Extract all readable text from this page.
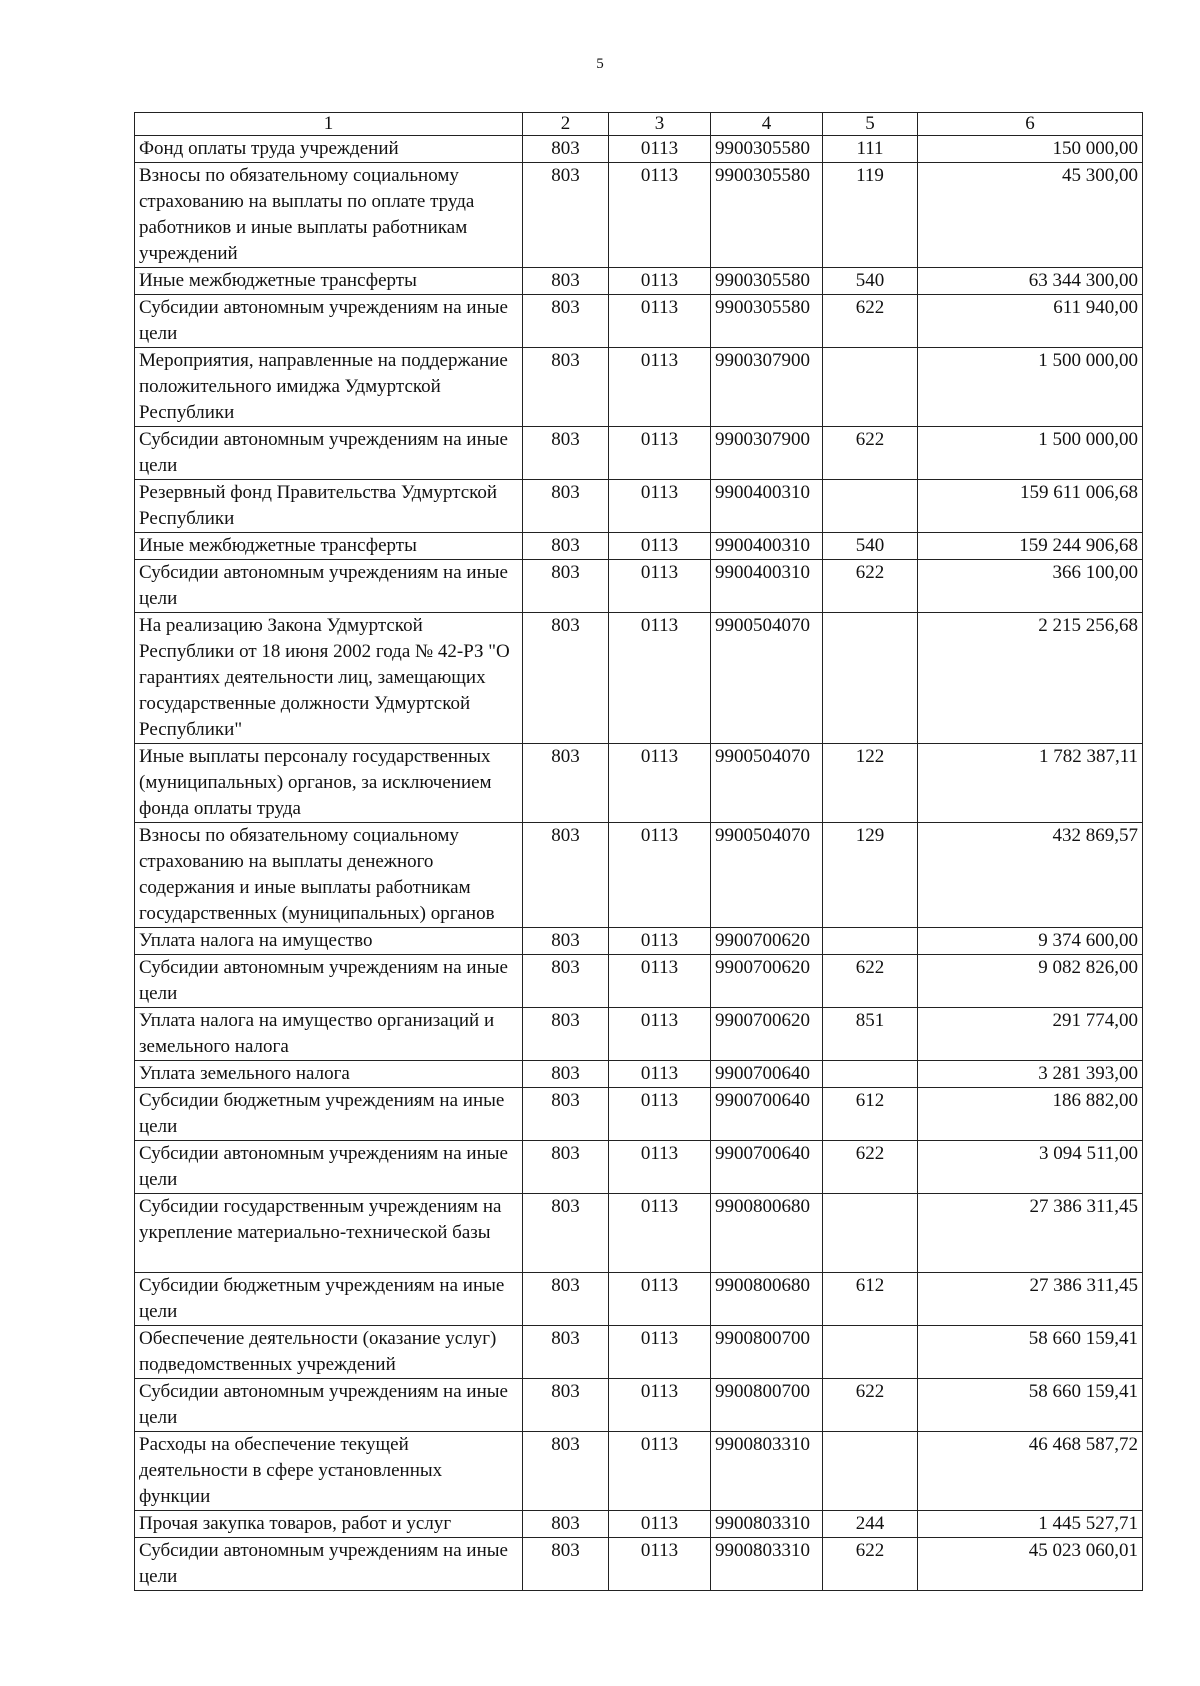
5
1	2	3	4	5	6
Фонд оплаты труда учреждений	803	0113	9900305580	111	150 000,00
Взносы по обязательному социальному страхованию на выплаты по оплате труда работников и иные выплаты работникам учреждений	803	0113	9900305580	119	45 300,00
Иные межбюджетные трансферты	803	0113	9900305580	540	63 344 300,00
Субсидии автономным учреждениям на иные цели	803	0113	9900305580	622	611 940,00
Мероприятия, направленные на поддержание положительного имиджа Удмуртской Республики	803	0113	9900307900		1 500 000,00
Субсидии автономным учреждениям на иные цели	803	0113	9900307900	622	1 500 000,00
Резервный фонд Правительства Удмуртской Республики	803	0113	9900400310		159 611 006,68
Иные межбюджетные трансферты	803	0113	9900400310	540	159 244 906,68
Субсидии автономным учреждениям на иные цели	803	0113	9900400310	622	366 100,00
На реализацию Закона Удмуртской Республики от 18 июня 2002 года № 42-РЗ "О гарантиях деятельности лиц, замещающих государственные должности Удмуртской Республики"	803	0113	9900504070		2 215 256,68
Иные выплаты персоналу государственных (муниципальных) органов, за исключением фонда оплаты труда	803	0113	9900504070	122	1 782 387,11
Взносы по обязательному социальному страхованию на выплаты денежного содержания и иные выплаты работникам государственных (муниципальных) органов	803	0113	9900504070	129	432 869,57
Уплата налога на имущество	803	0113	9900700620		9 374 600,00
Субсидии автономным учреждениям на иные цели	803	0113	9900700620	622	9 082 826,00
Уплата налога на имущество организаций и земельного налога	803	0113	9900700620	851	291 774,00
Уплата земельного налога	803	0113	9900700640		3 281 393,00
Субсидии бюджетным учреждениям на иные цели	803	0113	9900700640	612	186 882,00
Субсидии автономным учреждениям на иные цели	803	0113	9900700640	622	3 094 511,00
Субсидии государственным учреждениям на укрепление материально-технической базы	803	0113	9900800680		27 386 311,45
Субсидии бюджетным учреждениям на иные цели	803	0113	9900800680	612	27 386 311,45
Обеспечение деятельности (оказание услуг) подведомственных учреждений	803	0113	9900800700		58 660 159,41
Субсидии автономным учреждениям на иные цели	803	0113	9900800700	622	58 660 159,41
Расходы на обеспечение текущей деятельности в сфере установленных функции	803	0113	9900803310		46 468 587,72
Прочая закупка товаров, работ и услуг	803	0113	9900803310	244	1 445 527,71
Субсидии автономным учреждениям на иные цели	803	0113	9900803310	622	45 023 060,01
